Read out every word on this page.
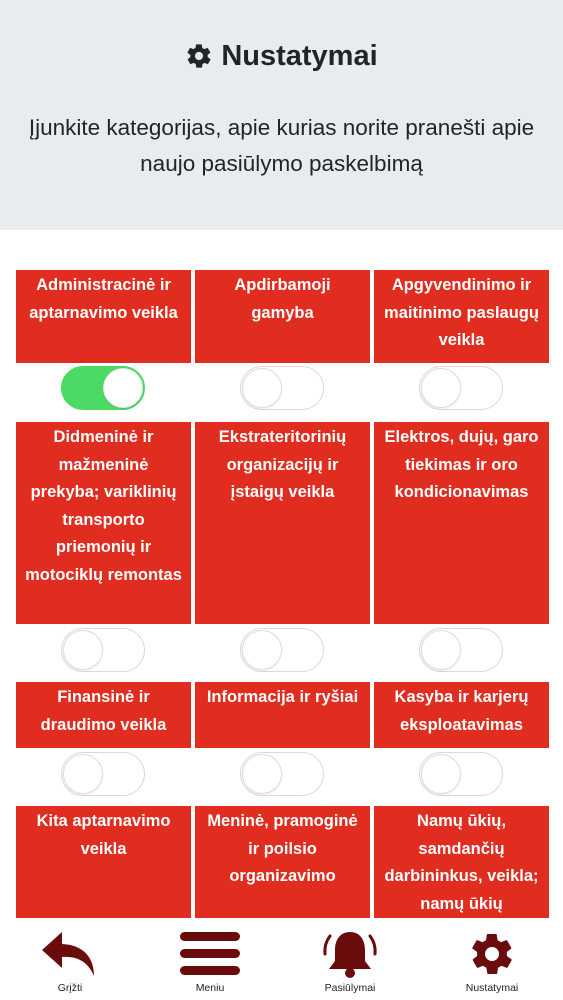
Nustatymai
Įjunkite kategorijas, apie kurias norite pranešti apie naujo pasiūlymo paskelbimą
Administracinė ir aptarnavimo veikla
Apdirbamoji gamyba
Apgyvendinimo ir maitinimo paslaugų veikla
Didmeninė ir mažmeninė prekyba; variklinių transporto priemonių ir motociklų remontas
Ekstrateritorinių organizacijų ir įstaigų veikla
Elektros, dujų, garo tiekimas ir oro kondicionavimas
Finansinė ir draudimo veikla
Informacija ir ryšiai	Kasyba ir karjerų eksploatavimas
Kita aptarnavimo veikla
Meninė, pramoginė ir poilsio organizavimo
Namų ūkių, samdančių darbininkus, veikla; namų ūkių
Grįžti	Meniu	Pasiūlymai	Nustatymai
